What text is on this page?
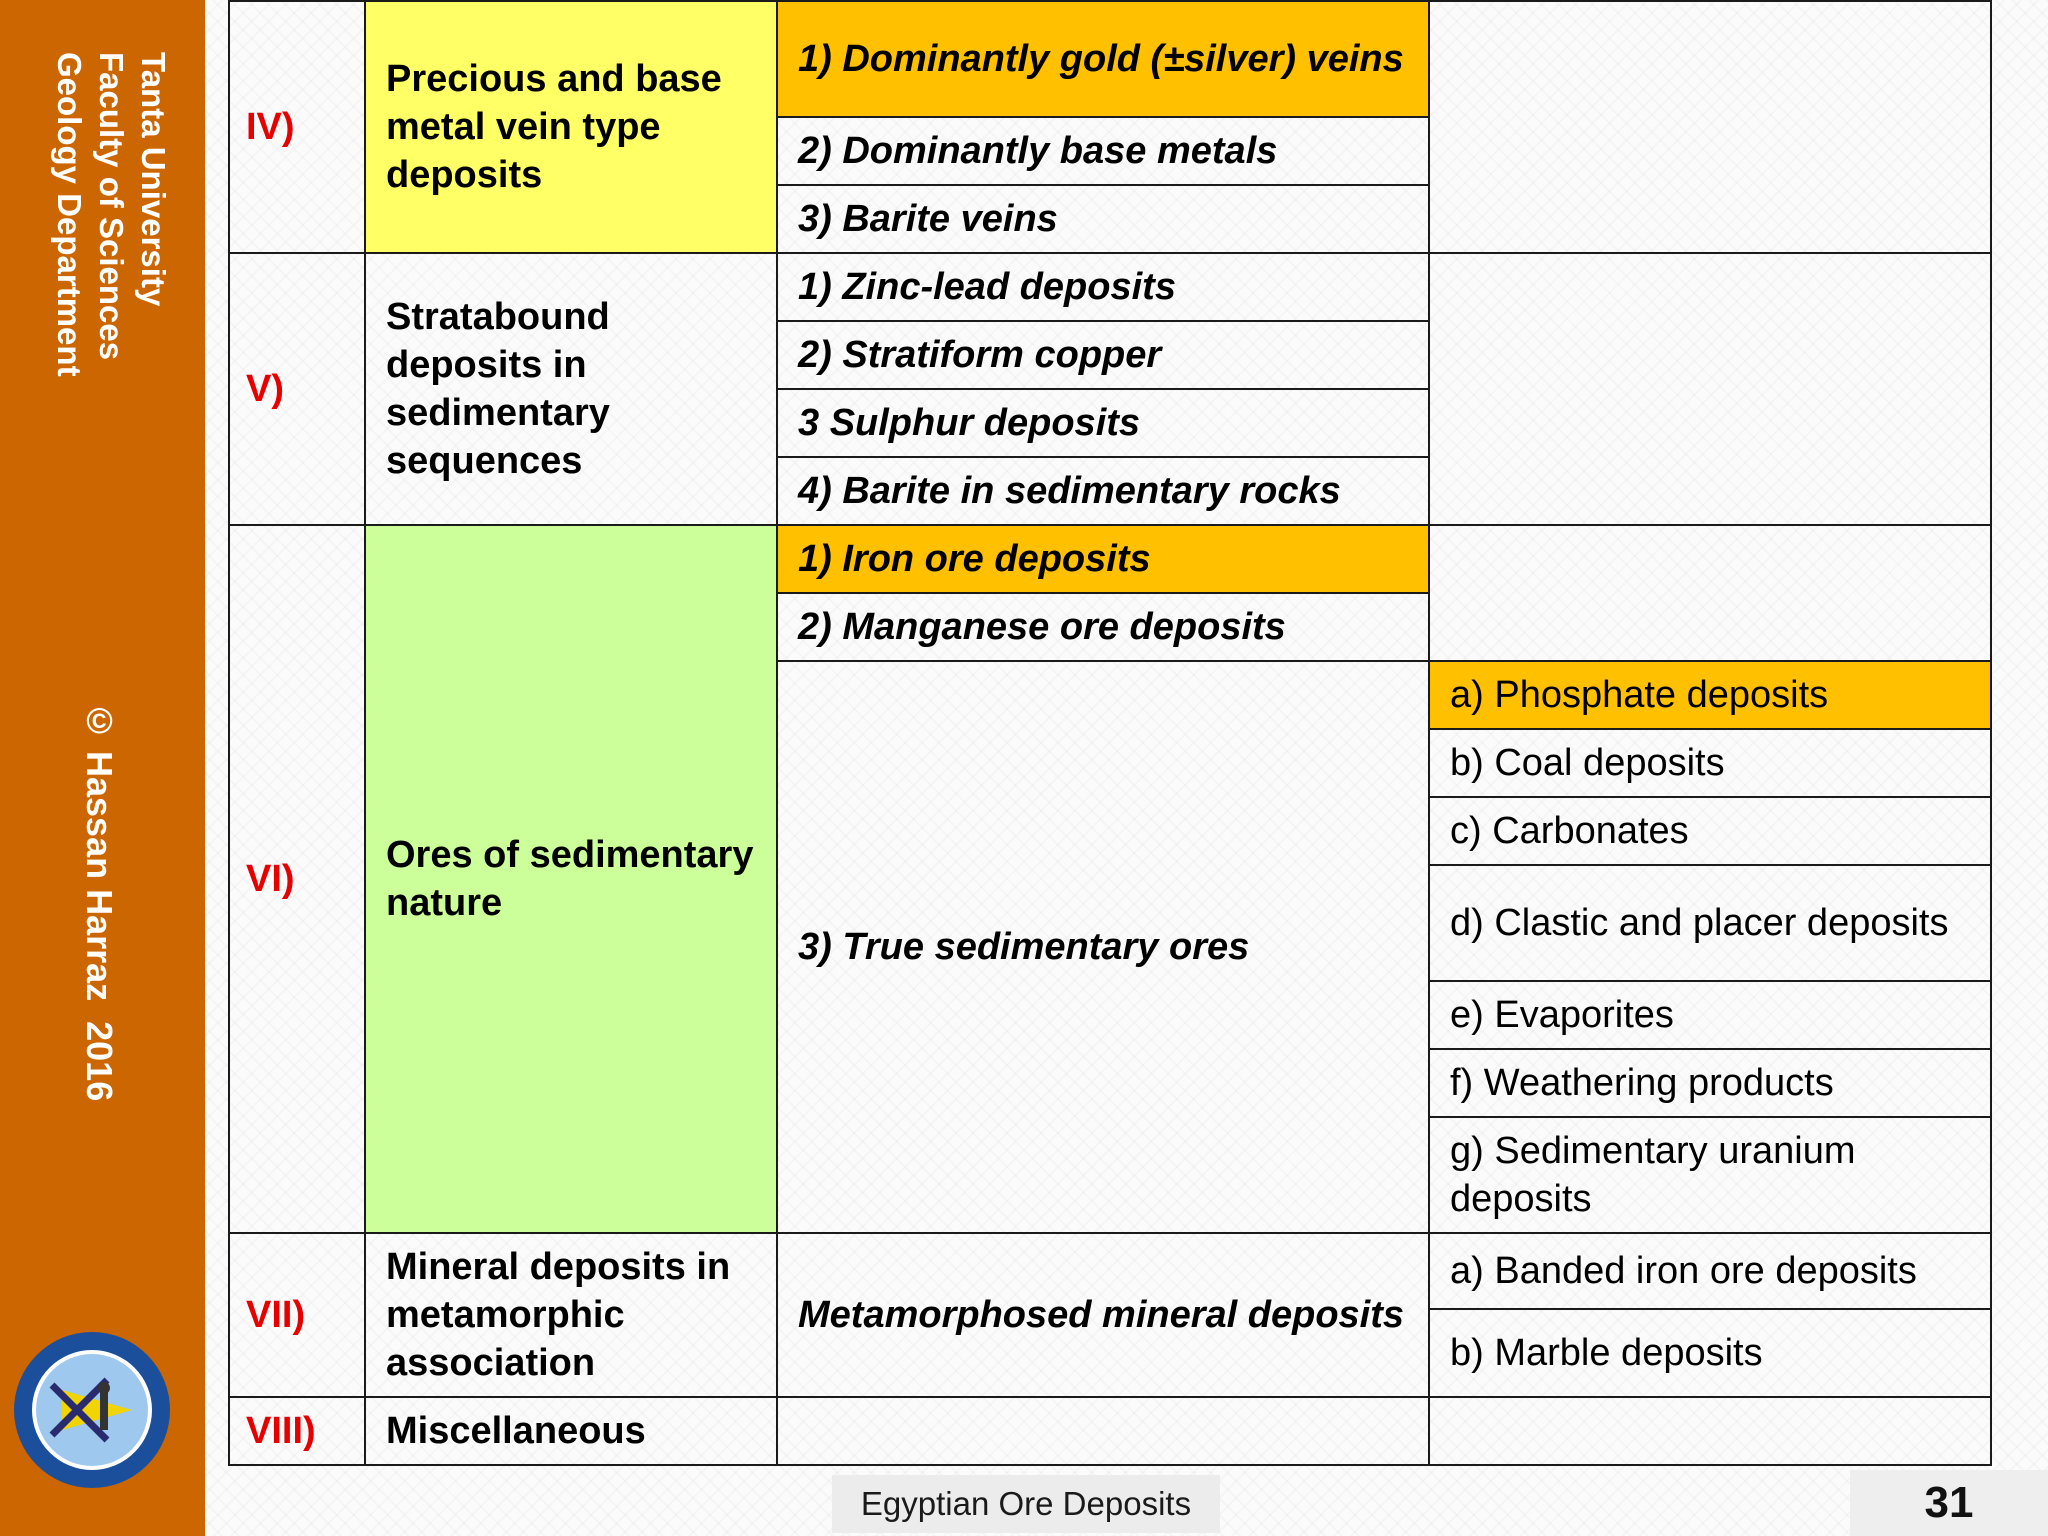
Tanta University
Faculty of Sciences
Geology Department
© Hassan Harraz  2016
IV)	Precious and base metal vein type deposits	1) Dominantly gold (±silver) veins	
		2) Dominantly base metals	
		3) Barite veins	
V)	Stratabound deposits in sedimentary sequences	1) Zinc-lead deposits	
		2) Stratiform copper	
		3 Sulphur deposits	
		4) Barite in sedimentary rocks	
VI)	Ores of sedimentary nature	1) Iron ore deposits	
		2) Manganese ore deposits	
		3) True sedimentary ores	a) Phosphate deposits
			b) Coal deposits
			c) Carbonates
			d) Clastic and placer deposits
			e) Evaporites
			f) Weathering products
			g) Sedimentary uranium deposits
VII)	Mineral deposits in metamorphic association	Metamorphosed mineral deposits	a) Banded iron ore deposits
			b) Marble deposits
VIII)	Miscellaneous		
Egyptian Ore Deposits	31
